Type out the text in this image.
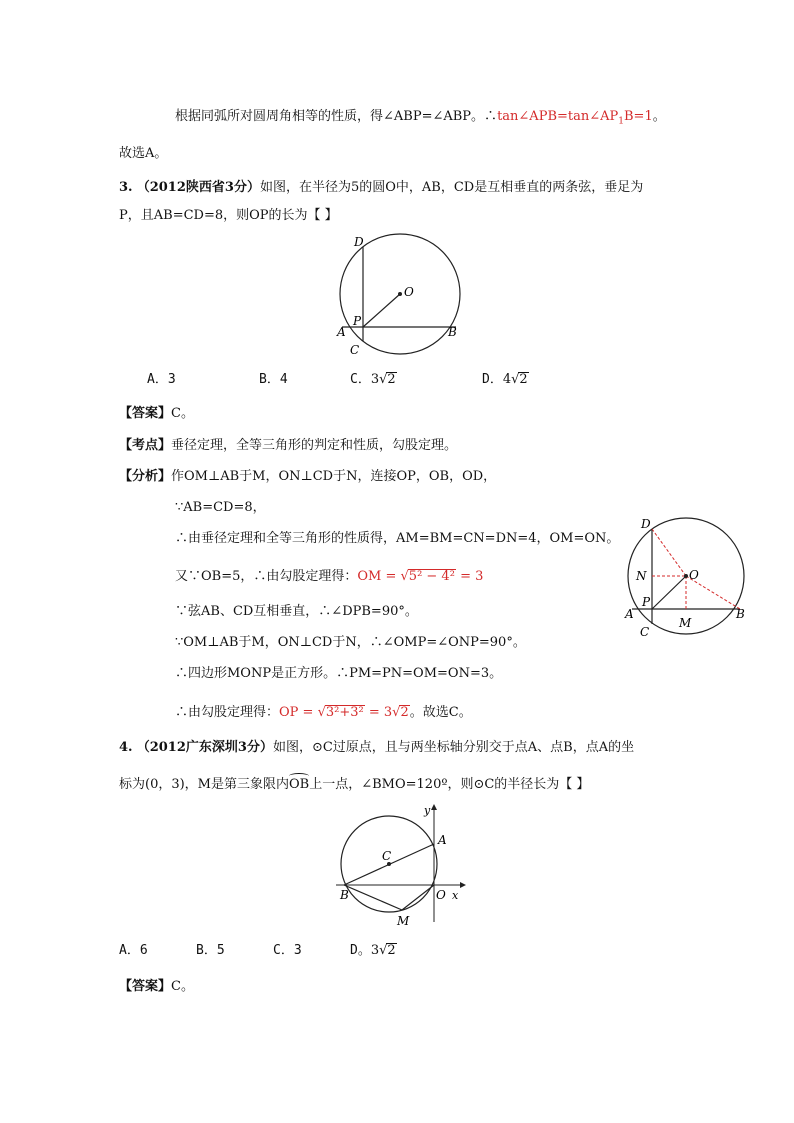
根据同弧所对圆周角相等的性质，得∠ABP=∠ABP。$\therefore\tan\angle APB=\tan\angle AP_1B=1$。
故选A。
3. （2012陕西省3分）如图，在半径为5的圆O中，AB，CD是互相垂直的两条弦，垂足为
P，且AB=CD=8，则OP的长为【 】
D
O
P
A	B
C
A．3	B．4	C．3√2	D．4√2
【答案】C。
【考点】垂径定理，全等三角形的判定和性质，勾股定理。
【分析】作OM⊥AB于M，ON⊥CD于N，连接OP，OB，OD，
∵AB=CD=8，
∴由垂径定理和全等三角形的性质得，AM=BM=CN=DN=4，OM=ON。
又∵OB=5，∴由勾股定理得：OM = √5² − 4² = 3
∵弦AB、CD互相垂直，∴∠DPB=90°。
∵OM⊥AB于M，ON⊥CD于N，∴∠OMP=∠ONP=90°。
∴四边形MONP是正方形。∴PM=PN=OM=ON=3。
∴由勾股定理得：OP = √3²+3² = 3√2。故选C。
D
N	O
P
A
C
M
B
4. （2012广东深圳3分）如图，⊙C过原点，且与两坐标轴分别交于点A、点B，点A的坐
标为(0，3)，M是第三象限内OB上一点，∠BMO=120º，则⊙C的半径长为【 】
y
A
C
B	O x
M
A．6	B．5	C．3	D。3√2
【答案】C。
